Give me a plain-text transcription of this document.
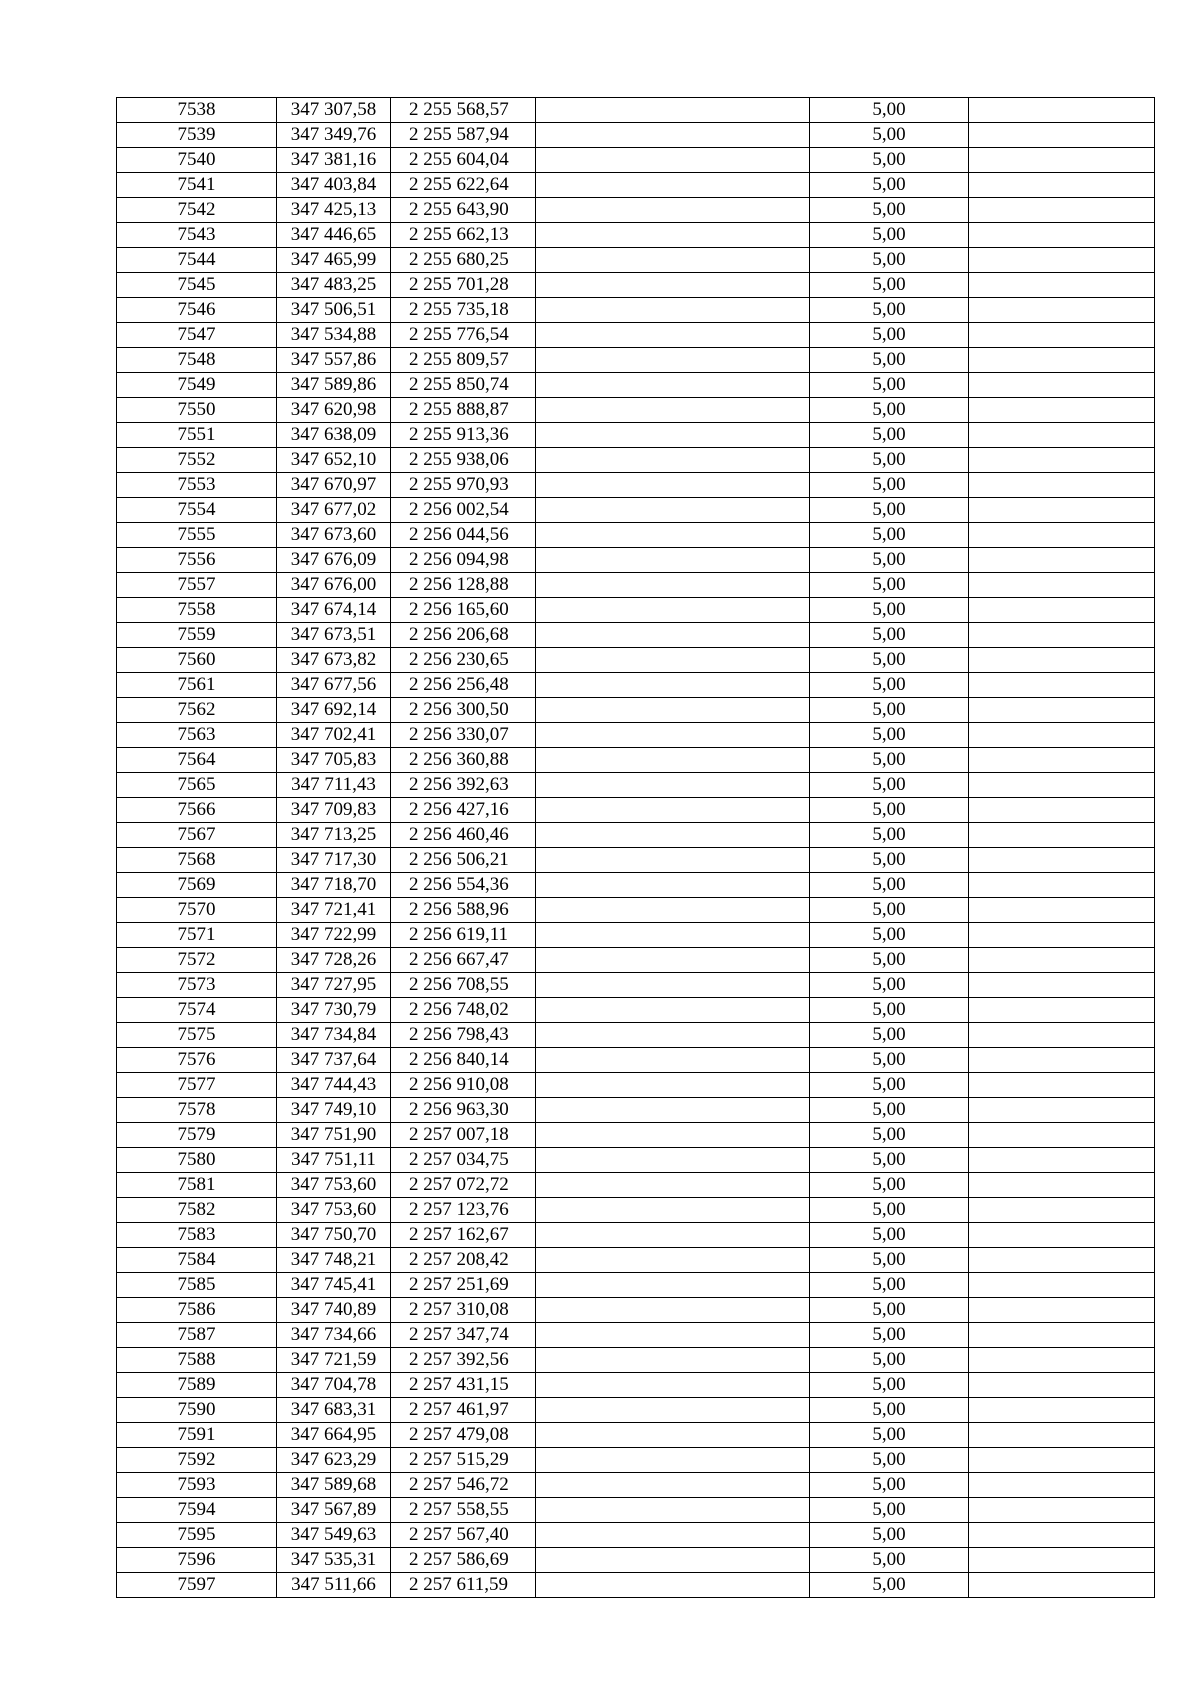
7538	347 307,58	2 255 568,57		5,00	
7539	347 349,76	2 255 587,94		5,00	
7540	347 381,16	2 255 604,04		5,00	
7541	347 403,84	2 255 622,64		5,00	
7542	347 425,13	2 255 643,90		5,00	
7543	347 446,65	2 255 662,13		5,00	
7544	347 465,99	2 255 680,25		5,00	
7545	347 483,25	2 255 701,28		5,00	
7546	347 506,51	2 255 735,18		5,00	
7547	347 534,88	2 255 776,54		5,00	
7548	347 557,86	2 255 809,57		5,00	
7549	347 589,86	2 255 850,74		5,00	
7550	347 620,98	2 255 888,87		5,00	
7551	347 638,09	2 255 913,36		5,00	
7552	347 652,10	2 255 938,06		5,00	
7553	347 670,97	2 255 970,93		5,00	
7554	347 677,02	2 256 002,54		5,00	
7555	347 673,60	2 256 044,56		5,00	
7556	347 676,09	2 256 094,98		5,00	
7557	347 676,00	2 256 128,88		5,00	
7558	347 674,14	2 256 165,60		5,00	
7559	347 673,51	2 256 206,68		5,00	
7560	347 673,82	2 256 230,65		5,00	
7561	347 677,56	2 256 256,48		5,00	
7562	347 692,14	2 256 300,50		5,00	
7563	347 702,41	2 256 330,07		5,00	
7564	347 705,83	2 256 360,88		5,00	
7565	347 711,43	2 256 392,63		5,00	
7566	347 709,83	2 256 427,16		5,00	
7567	347 713,25	2 256 460,46		5,00	
7568	347 717,30	2 256 506,21		5,00	
7569	347 718,70	2 256 554,36		5,00	
7570	347 721,41	2 256 588,96		5,00	
7571	347 722,99	2 256 619,11		5,00	
7572	347 728,26	2 256 667,47		5,00	
7573	347 727,95	2 256 708,55		5,00	
7574	347 730,79	2 256 748,02		5,00	
7575	347 734,84	2 256 798,43		5,00	
7576	347 737,64	2 256 840,14		5,00	
7577	347 744,43	2 256 910,08		5,00	
7578	347 749,10	2 256 963,30		5,00	
7579	347 751,90	2 257 007,18		5,00	
7580	347 751,11	2 257 034,75		5,00	
7581	347 753,60	2 257 072,72		5,00	
7582	347 753,60	2 257 123,76		5,00	
7583	347 750,70	2 257 162,67		5,00	
7584	347 748,21	2 257 208,42		5,00	
7585	347 745,41	2 257 251,69		5,00	
7586	347 740,89	2 257 310,08		5,00	
7587	347 734,66	2 257 347,74		5,00	
7588	347 721,59	2 257 392,56		5,00	
7589	347 704,78	2 257 431,15		5,00	
7590	347 683,31	2 257 461,97		5,00	
7591	347 664,95	2 257 479,08		5,00	
7592	347 623,29	2 257 515,29		5,00	
7593	347 589,68	2 257 546,72		5,00	
7594	347 567,89	2 257 558,55		5,00	
7595	347 549,63	2 257 567,40		5,00	
7596	347 535,31	2 257 586,69		5,00	
7597	347 511,66	2 257 611,59		5,00	
